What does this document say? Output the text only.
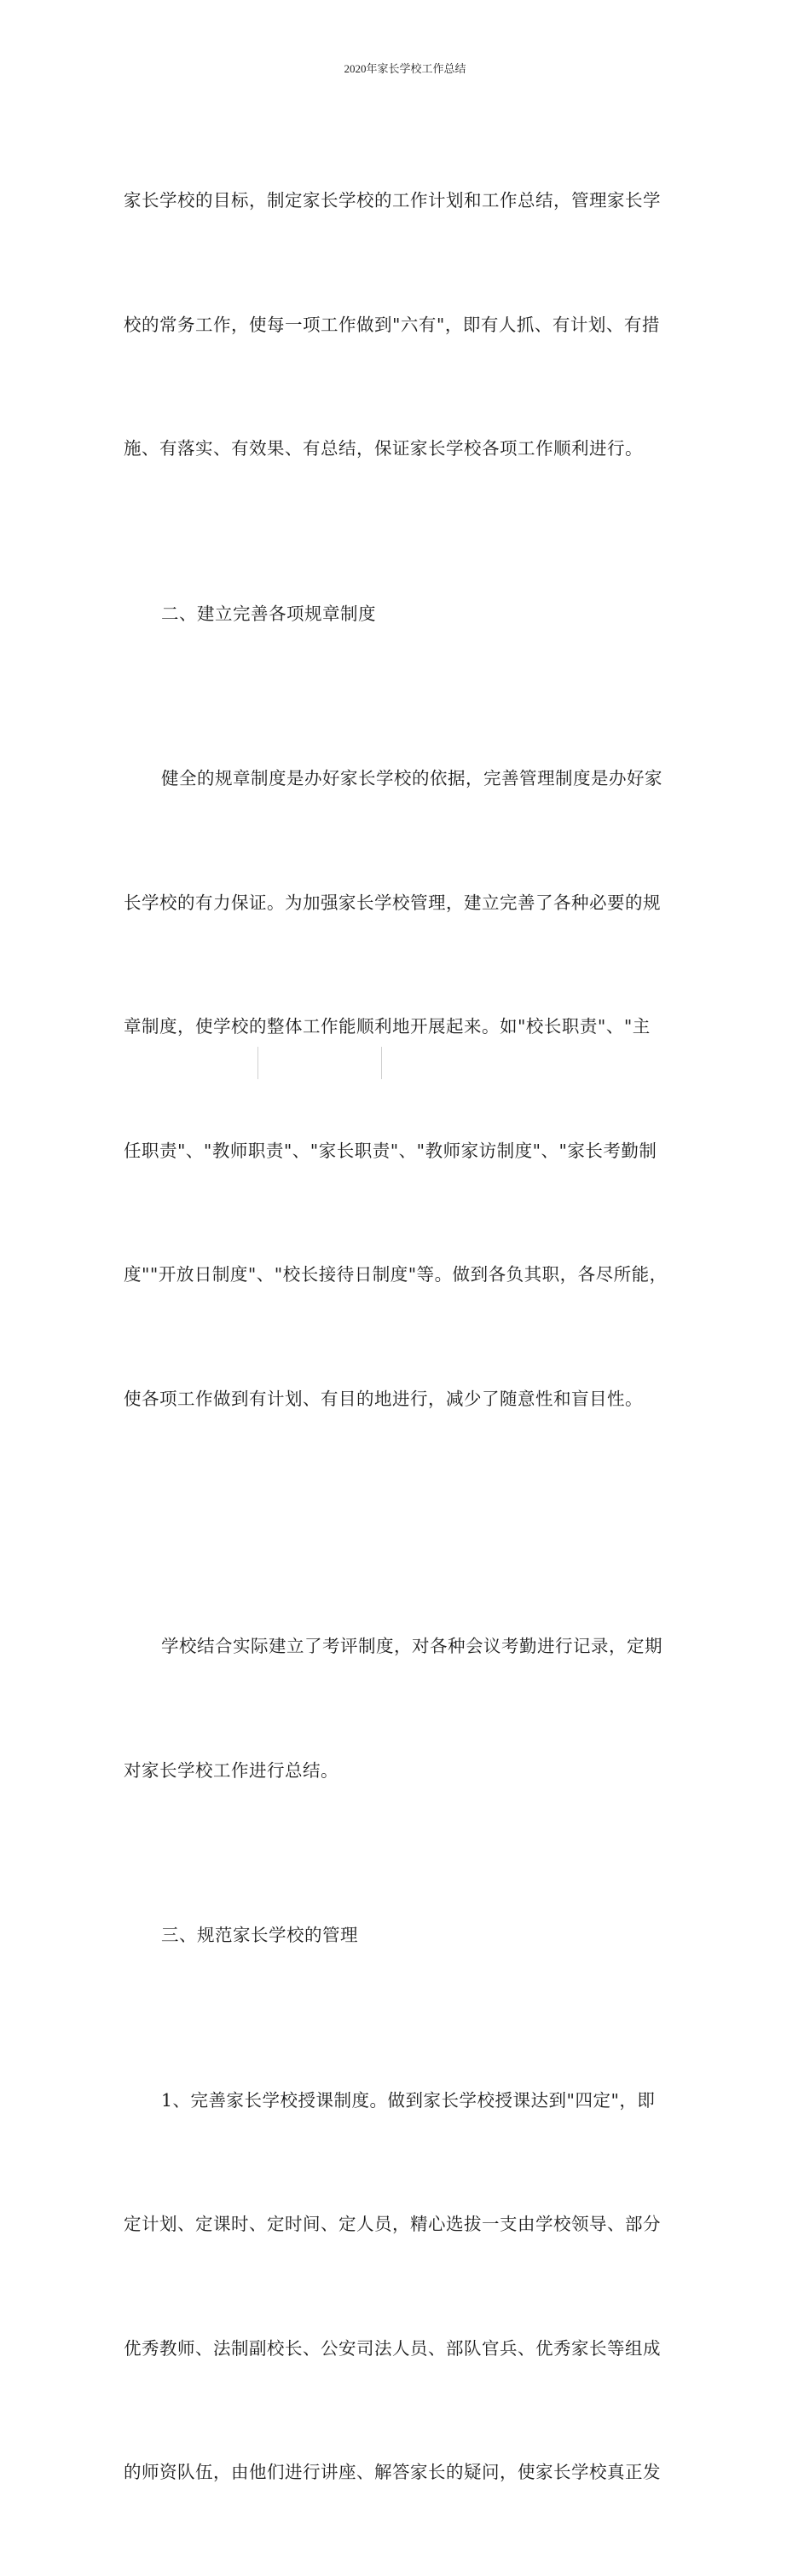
2020年家长学校工作总结

家长学校的目标，制定家长学校的工作计划和工作总结，管理家长学

校的常务工作，使每一项工作做到"六有"，即有人抓、有计划、有措

施、有落实、有效果、有总结，保证家长学校各项工作顺利进行。

二、建立完善各项规章制度

健全的规章制度是办好家长学校的依据，完善管理制度是办好家

长学校的有力保证。为加强家长学校管理，建立完善了各种必要的规

章制度，使学校的整体工作能顺利地开展起来。如"校长职责"、"主

任职责"、"教师职责"、"家长职责"、"教师家访制度"、"家长考勤制

度""开放日制度"、"校长接待日制度"等。做到各负其职，各尽所能，

使各项工作做到有计划、有目的地进行，减少了随意性和盲目性。

学校结合实际建立了考评制度，对各种会议考勤进行记录，定期

对家长学校工作进行总结。

三、规范家长学校的管理

1、完善家长学校授课制度。做到家长学校授课达到"四定"，即

定计划、定课时、定时间、定人员，精心选拔一支由学校领导、部分

优秀教师、法制副校长、公安司法人员、部队官兵、优秀家长等组成

的师资队伍，由他们进行讲座、解答家长的疑问，使家长学校真正发
